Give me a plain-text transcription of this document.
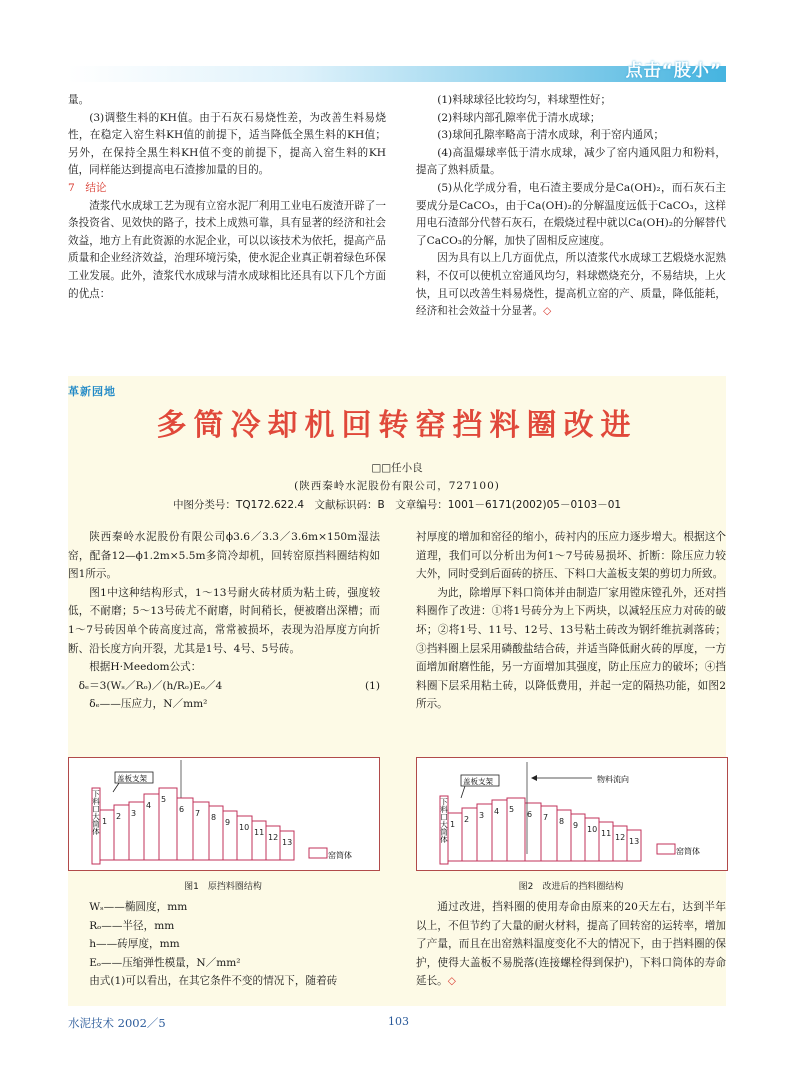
点击“股小”

量。

(3)调整生料的KH值。由于石灰石易烧性差，为改善生料易烧性，在稳定入窑生料KH值的前提下，适当降低全黑生料的KH值；另外，在保持全黑生料KH值不变的前提下，提高入窑生料的KH值，同样能达到提高电石渣掺加量的目的。

7　结论

渣浆代水成球工艺为现有立窑水泥厂利用工业电石废渣开辟了一条投资省、见效快的路子，技术上成熟可靠，具有显著的经济和社会效益，地方上有此资源的水泥企业，可以以该技术为依托，提高产品质量和企业经济效益，治理环境污染，使水泥企业真正朝着绿色环保工业发展。此外，渣浆代水成球与清水成球相比还具有以下几个方面的优点：

(1)料球球径比较均匀，料球塑性好；

(2)料球内部孔隙率优于清水成球；

(3)球间孔隙率略高于清水成球，利于窑内通风；

(4)高温爆球率低于清水成球，减少了窑内通风阻力和粉料，提高了熟料质量。

(5)从化学成分看，电石渣主要成分是Ca(OH)₂，而石灰石主要成分是CaCO₃，由于Ca(OH)₂的分解温度远低于CaCO₃，这样用电石渣部分代替石灰石，在煅烧过程中就以Ca(OH)₂的分解替代了CaCO₃的分解，加快了固相反应速度。

因为具有以上几方面优点，所以渣浆代水成球工艺煅烧水泥熟料，不仅可以使机立窑通风均匀，料球燃烧充分，不易结块，上火快，且可以改善生料易烧性，提高机立窑的产、质量，降低能耗，经济和社会效益十分显著。◇

革新园地
多筒冷却机回转窑挡料圈改进
□□任小良
(陕西秦岭水泥股份有限公司，727100)
中图分类号：TQ172.622.4　文献标识码：B　文章编号：1001－6171(2002)05－0103－01

陕西秦岭水泥股份有限公司ϕ3.6／3.3／3.6m×150m湿法窑，配备12—ϕ1.2m×5.5m多筒冷却机，回转窑原挡料圈结构如图1所示。

图1中这种结构形式，1～13号耐火砖材质为粘土砖，强度较低，不耐磨；5～13号砖尤不耐磨，时间稍长，便被磨出深槽；而1～7号砖因单个砖高度过高，常常被损坏，表现为沿厚度方向折断、沿长度方向开裂，尤其是1号、4号、5号砖。

根据H·Meedom公式：

δₑ＝3(Wₛ／Rₒ)／(h/Rₒ)Eₒ／4	(1)

δₑ——压应力，N／mm²

衬厚度的增加和窑径的缩小，砖衬内的压应力逐步增大。根据这个道理，我们可以分析出为何1～7号砖易损坏、折断：除压应力较大外，同时受到后面砖的挤压、下料口大盖板支架的剪切力所致。

为此，除增厚下料口筒体并由制造厂家用镗床镗孔外，还对挡料圈作了改进：①将1号砖分为上下两块，以减轻压应力对砖的破坏；②将1号、11号、12号、13号粘土砖改为钢纤维抗剥落砖；③挡料圈上层采用磷酸盐结合砖，并适当降低耐火砖的厚度，一方面增加耐磨性能，另一方面增加其强度，防止压应力的破坏；④挡料圈下层采用粘土砖，以降低费用，并起一定的隔热功能，如图2所示。

下料口大筒体 1
2 3
4
5
6 7 8
9
10
11
12
13
盖板支架
窑筒体
图1　原挡料圈结构
下料口大筒体 1
2 3 4 5
6 7 8 9 10 11 12 13
盖板支架	物料流向
窑筒体
图2　改进后的挡料圈结构

Wₛ——椭圆度，mm

Rₒ——半径，mm

h——砖厚度，mm

Eₒ——压缩弹性模量，N／mm²

由式(1)可以看出，在其它条件不变的情况下，随着砖

通过改进，挡料圈的使用寿命由原来的20天左右，达到半年以上，不但节约了大量的耐火材料，提高了回转窑的运转率，增加了产量，而且在出窑熟料温度变化不大的情况下，由于挡料圈的保护，使得大盖板不易脱落(连接螺栓得到保护)，下料口筒体的寿命延长。◇

水泥技术 2002／5	103
